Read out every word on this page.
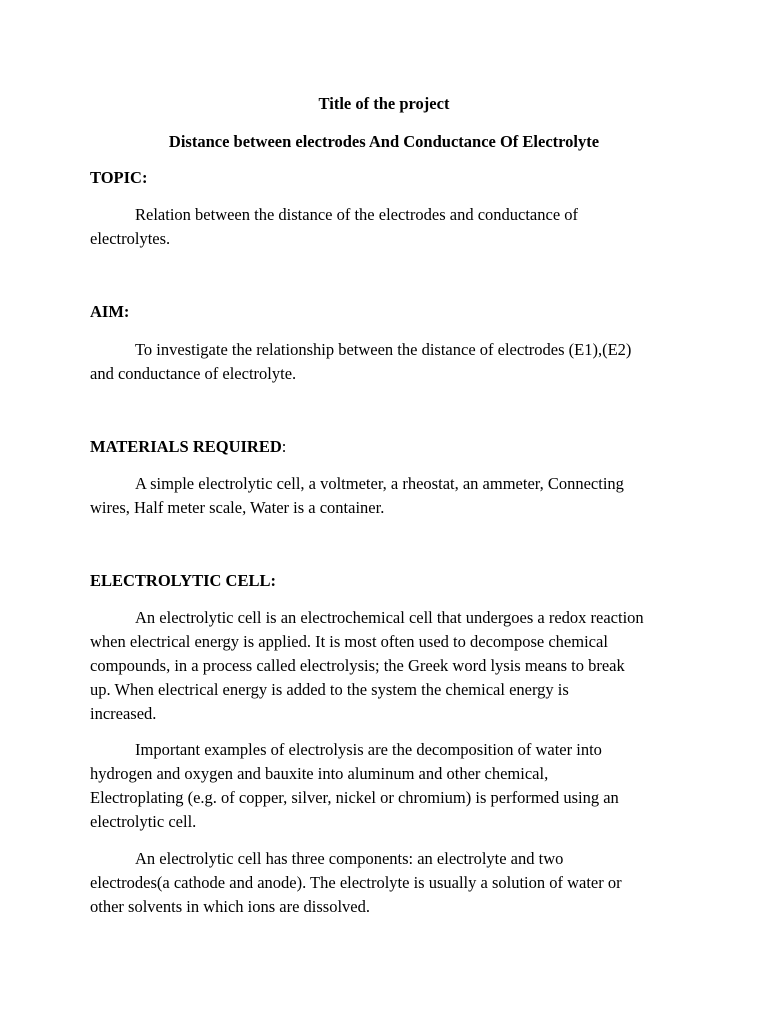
Title of the project
Distance between electrodes And Conductance Of Electrolyte
TOPIC:
Relation between the distance of the electrodes and conductance of
electrolytes.
AIM:
To investigate the relationship between the distance of electrodes (E1),(E2)
and conductance of electrolyte.
MATERIALS REQUIRED:
A simple electrolytic cell, a voltmeter, a rheostat, an ammeter, Connecting
wires, Half meter scale, Water is a container.
ELECTROLYTIC CELL:
An electrolytic cell is an electrochemical cell that undergoes a redox reaction
when electrical energy is applied. It is most often used to decompose chemical
compounds, in a process called electrolysis; the Greek word lysis means to break
up. When electrical energy is added to the system the chemical energy is
increased.
Important examples of electrolysis are the decomposition of water into
hydrogen and oxygen and bauxite into aluminum and other chemical,
Electroplating (e.g. of copper, silver, nickel or chromium) is performed using an
electrolytic cell.
An electrolytic cell has three components: an electrolyte and two
electrodes(a cathode and anode). The electrolyte is usually a solution of water or
other solvents in which ions are dissolved.
